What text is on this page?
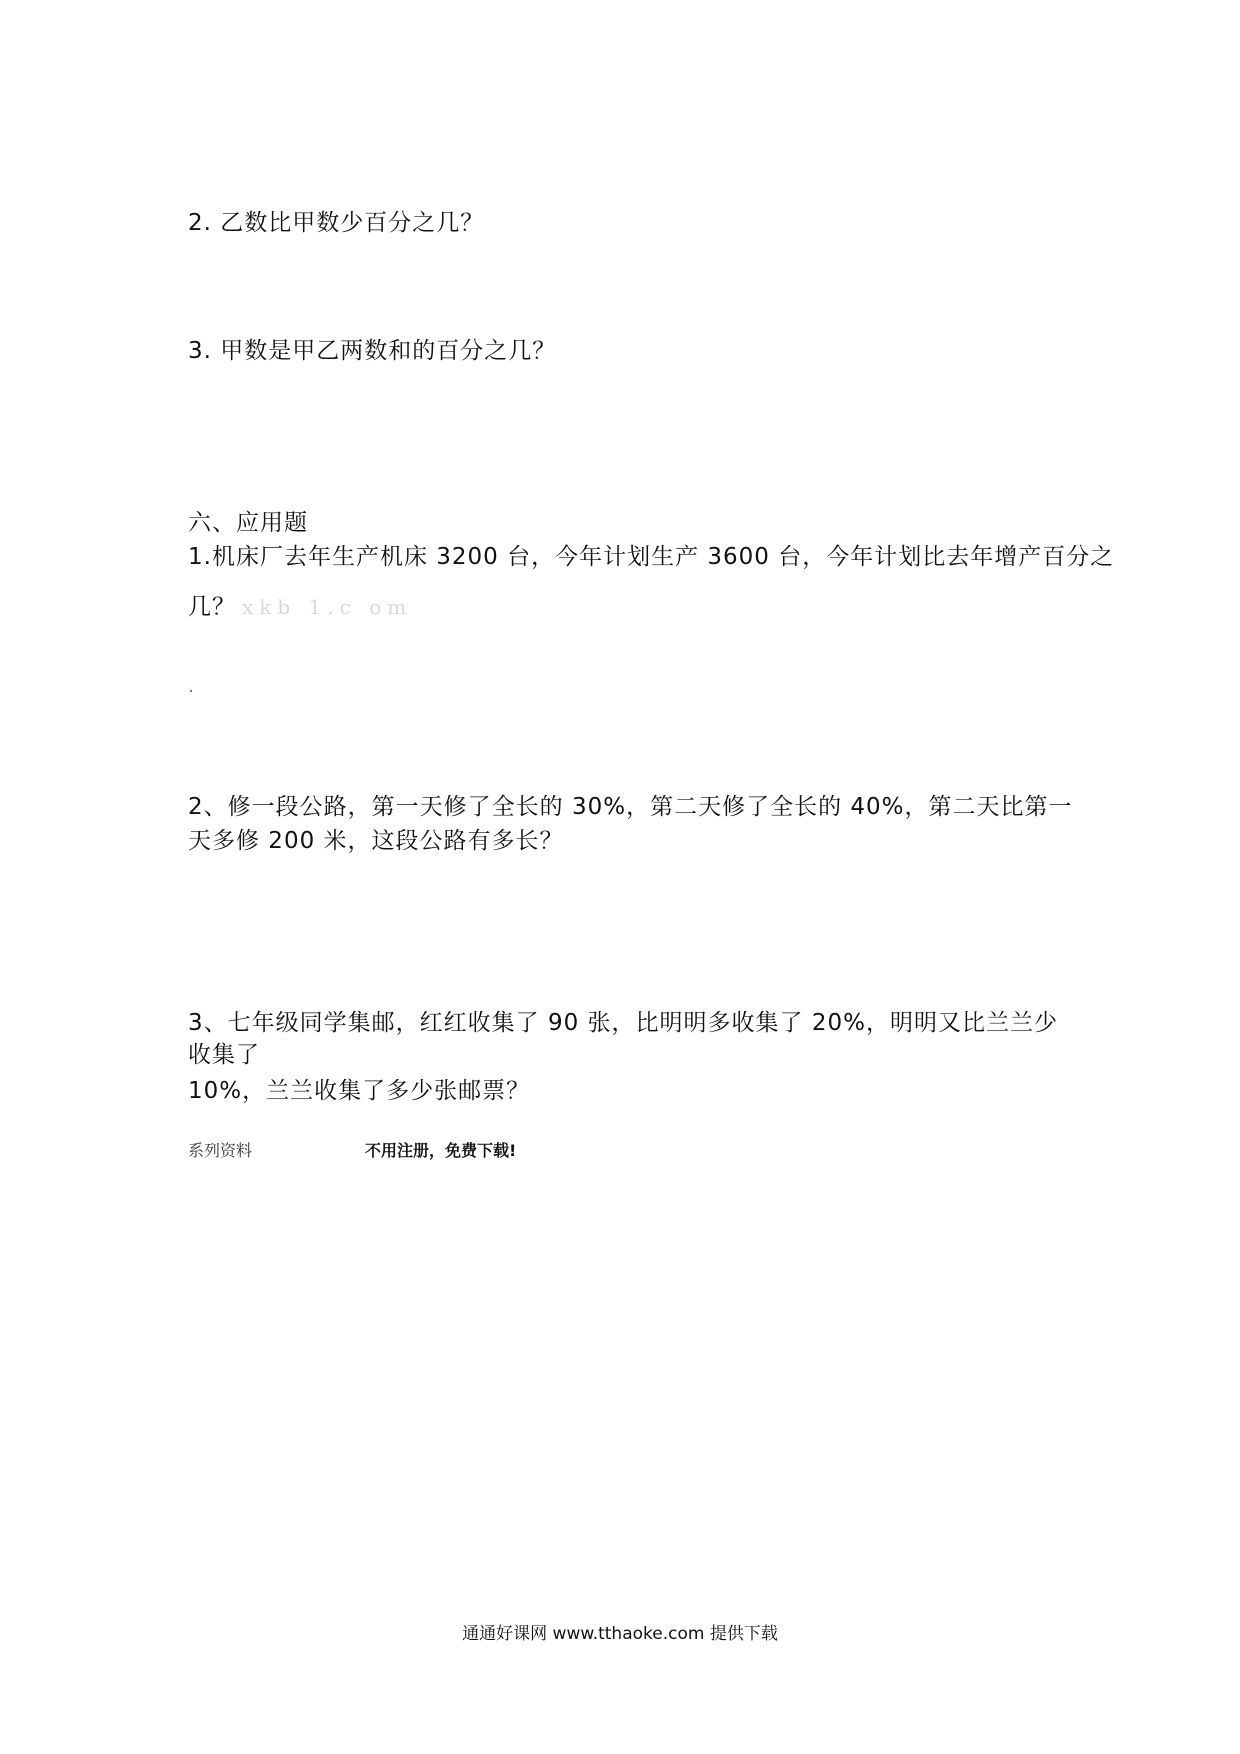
2. 乙数比甲数少百分之几？
3. 甲数是甲乙两数和的百分之几？
六、应用题
1.机床厂去年生产机床 3200 台，今年计划生产 3600 台，今年计划比去年增产百分之
几？ xkb 1.c om
2、修一段公路，第一天修了全长的 30%，第二天修了全长的 40%，第二天比第一
天多修 200 米，这段公路有多长？
3、七年级同学集邮，红红收集了 90 张，比明明多收集了 20%，明明又比兰兰少
收集了
10%，兰兰收集了多少张邮票？
系列资料	不用注册，免费下载!
通通好课网 www.tthaoke.com 提供下载
